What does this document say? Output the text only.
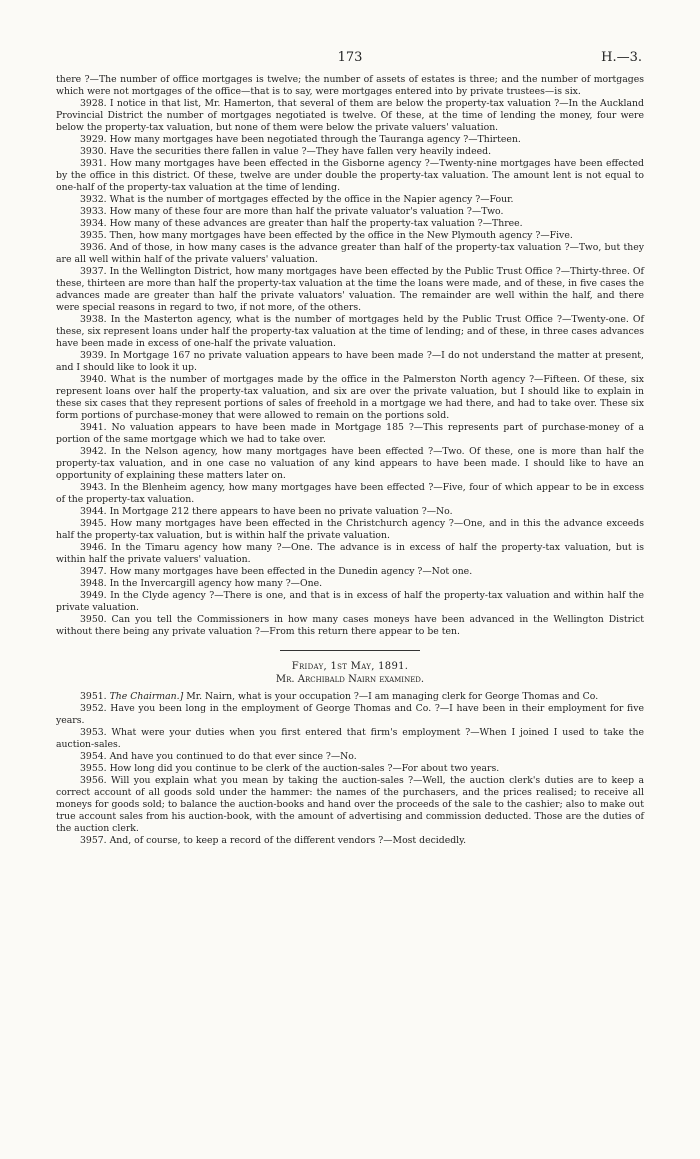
173	H.—3.

there ?—The number of office mortgages is twelve; the number of assets of estates is three; and the number of mortgages which were not mortgages of the office—that is to say, were mortgages entered into by private trustees—is six.

3928. I notice in that list, Mr. Hamerton, that several of them are below the property-tax valuation ?—In the Auckland Provincial District the number of mortgages negotiated is twelve. Of these, at the time of lending the money, four were below the property-tax valuation, but none of them were below the private valuers' valuation.

3929. How many mortgages have been negotiated through the Tauranga agency ?—Thirteen.

3930. Have the securities there fallen in value ?—They have fallen very heavily indeed.

3931. How many mortgages have been effected in the Gisborne agency ?—Twenty-nine mortgages have been effected by the office in this district. Of these, twelve are under double the property-tax valuation. The amount lent is not equal to one-half of the property-tax valuation at the time of lending.

3932. What is the number of mortgages effected by the office in the Napier agency ?—Four.

3933. How many of these four are more than half the private valuator's valuation ?—Two.

3934. How many of these advances are greater than half the property-tax valuation ?—Three.

3935. Then, how many mortgages have been effected by the office in the New Plymouth agency ?—Five.

3936. And of those, in how many cases is the advance greater than half of the property-tax valuation ?—Two, but they are all well within half of the private valuers' valuation.

3937. In the Wellington District, how many mortgages have been effected by the Public Trust Office ?—Thirty-three. Of these, thirteen are more than half the property-tax valuation at the time the loans were made, and of these, in five cases the advances made are greater than half the private valuators' valuation. The remainder are well within the half, and there were special reasons in regard to two, if not more, of the others.

3938. In the Masterton agency, what is the number of mortgages held by the Public Trust Office ?—Twenty-one. Of these, six represent loans under half the property-tax valuation at the time of lending; and of these, in three cases advances have been made in excess of one-half the private valuation.

3939. In Mortgage 167 no private valuation appears to have been made ?—I do not understand the matter at present, and I should like to look it up.

3940. What is the number of mortgages made by the office in the Palmerston North agency ?—Fifteen. Of these, six represent loans over half the property-tax valuation, and six are over the private valuation, but I should like to explain in these six cases that they represent portions of sales of freehold in a mortgage we had there, and had to take over. These six form portions of purchase-money that were allowed to remain on the portions sold.

3941. No valuation appears to have been made in Mortgage 185 ?—This represents part of purchase-money of a portion of the same mortgage which we had to take over.

3942. In the Nelson agency, how many mortgages have been effected ?—Two. Of these, one is more than half the property-tax valuation, and in one case no valuation of any kind appears to have been made. I should like to have an opportunity of explaining these matters later on.

3943. In the Blenheim agency, how many mortgages have been effected ?—Five, four of which appear to be in excess of the property-tax valuation.

3944. In Mortgage 212 there appears to have been no private valuation ?—No.

3945. How many mortgages have been effected in the Christchurch agency ?—One, and in this the advance exceeds half the property-tax valuation, but is within half the private valuation.

3946. In the Timaru agency how many ?—One. The advance is in excess of half the property-tax valuation, but is within half the private valuers' valuation.

3947. How many mortgages have been effected in the Dunedin agency ?—Not one.

3948. In the Invercargill agency how many ?—One.

3949. In the Clyde agency ?—There is one, and that is in excess of half the property-tax valuation and within half the private valuation.

3950. Can you tell the Commissioners in how many cases moneys have been advanced in the Wellington District without there being any private valuation ?—From this return there appear to be ten.

Friday, 1st May, 1891.
Mr. Archibald Nairn examined.

3951. The Chairman.] Mr. Nairn, what is your occupation ?—I am managing clerk for George Thomas and Co.

3952. Have you been long in the employment of George Thomas and Co. ?—I have been in their employment for five years.

3953. What were your duties when you first entered that firm's employment ?—When I joined I used to take the auction-sales.

3954. And have you continued to do that ever since ?—No.

3955. How long did you continue to be clerk of the auction-sales ?—For about two years.

3956. Will you explain what you mean by taking the auction-sales ?—Well, the auction clerk's duties are to keep a correct account of all goods sold under the hammer: the names of the purchasers, and the prices realised; to receive all moneys for goods sold; to balance the auction-books and hand over the proceeds of the sale to the cashier; also to make out true account sales from his auction-book, with the amount of advertising and commission deducted. Those are the duties of the auction clerk.

3957. And, of course, to keep a record of the different vendors ?—Most decidedly.
